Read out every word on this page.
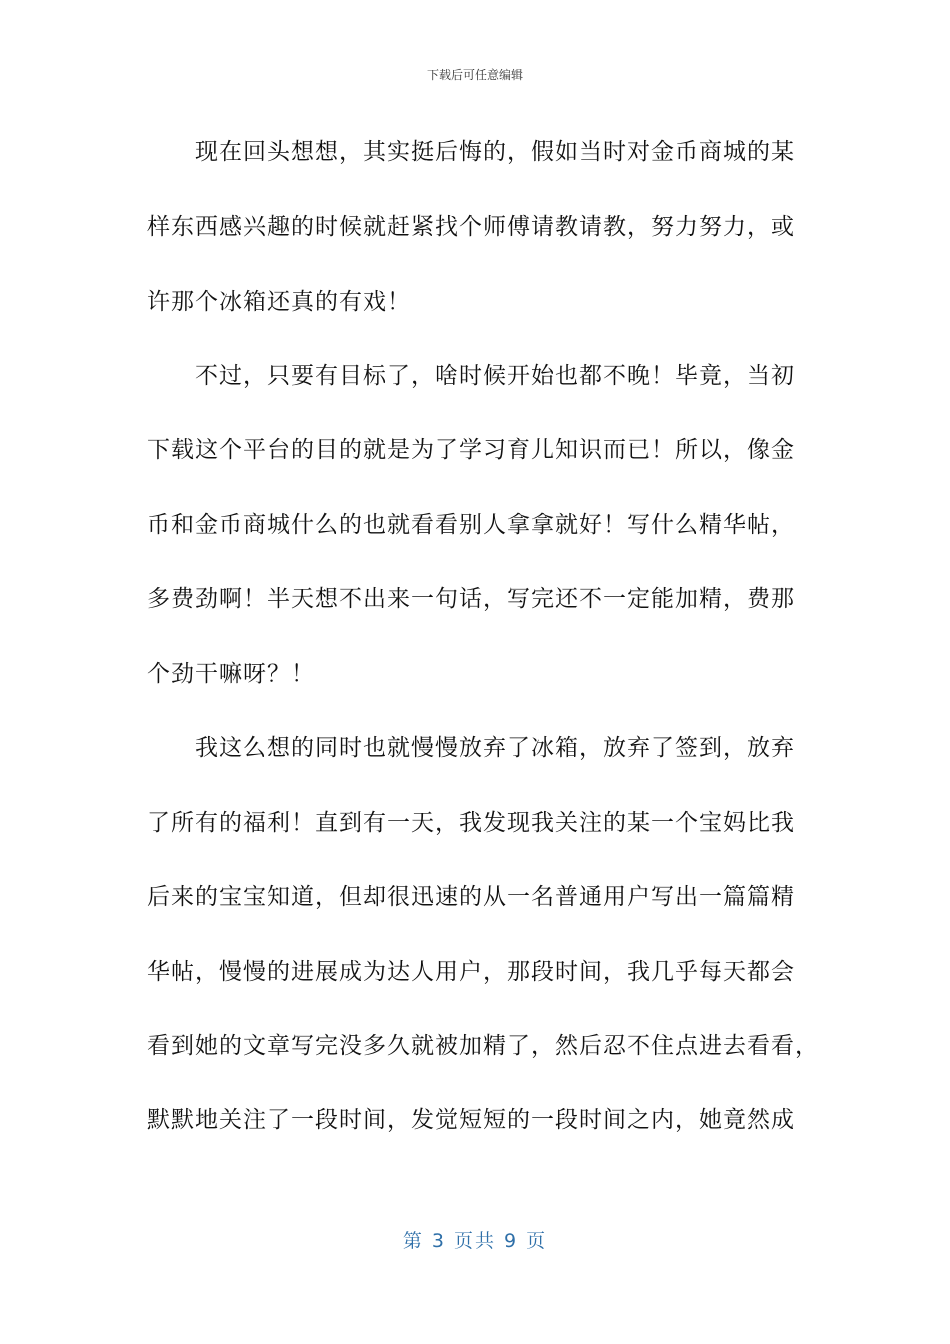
下载后可任意编辑
　　现在回头想想，其实挺后悔的，假如当时对金币商城的某
样东西感兴趣的时候就赶紧找个师傅请教请教，努力努力，或
许那个冰箱还真的有戏！
　　不过，只要有目标了，啥时候开始也都不晚！毕竟，当初
下载这个平台的目的就是为了学习育儿知识而已！所以，像金
币和金币商城什么的也就看看别人拿拿就好！写什么精华帖，
多费劲啊！半天想不出来一句话，写完还不一定能加精，费那
个劲干嘛呀？！
　　我这么想的同时也就慢慢放弃了冰箱，放弃了签到，放弃
了所有的福利！直到有一天，我发现我关注的某一个宝妈比我
后来的宝宝知道，但却很迅速的从一名普通用户写出一篇篇精
华帖，慢慢的进展成为达人用户，那段时间，我几乎每天都会
看到她的文章写完没多久就被加精了，然后忍不住点进去看看，
默默地关注了一段时间，发觉短短的一段时间之内，她竟然成
第 3 页共 9 页
